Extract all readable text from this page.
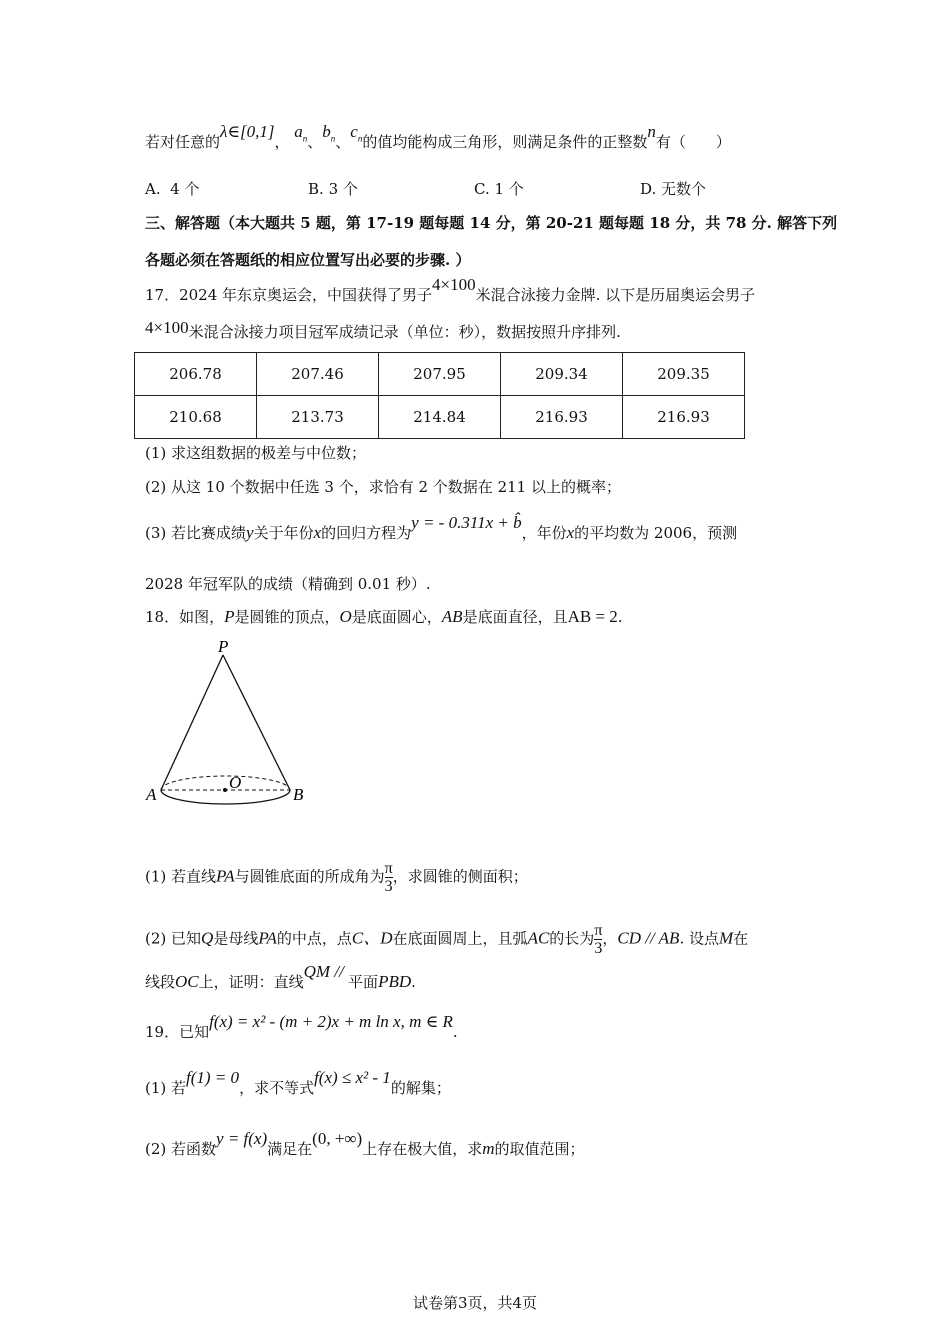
若对任意的λ∈[0,1]， $a_n$、$b_n$、$c_n$的值均能构成三角形，则满足条件的正整数n有（　　）
A. 4 个	B. 3 个	C. 1 个	D. 无数个
三、解答题（本大题共 5 题，第 17-19 题每题 14 分，第 20-21 题每题 18 分，共 78 分. 解答下列
各题必须在答题纸的相应位置写出必要的步骤. ）
17．2024 年东京奥运会，中国获得了男子4×100米混合泳接力金牌. 以下是历届奥运会男子
4×100米混合泳接力项目冠军成绩记录（单位：秒），数据按照升序排列.
206.78	207.46	207.95	209.34	209.35
210.68	213.73	214.84	216.93	216.93
(1) 求这组数据的极差与中位数；
(2) 从这 10 个数据中任选 3 个，求恰有 2 个数据在 211 以上的概率；
(3) 若比赛成绩y关于年份x的回归方程为y = - 0.311x + b̂，年份x的平均数为 2006，预测
2028 年冠军队的成绩（精确到 0.01 秒）.
18．如图，P是圆锥的顶点，O是底面圆心，AB是底面直径，且AB = 2.
P
O
A	B
(1) 若直线PA与圆锥底面的所成角为 $\frac{\pi}{3}$ ，求圆锥的侧面积；
(2) 已知Q是母线PA的中点，点C、D在底面圆周上，且弧AC的长为 $\frac{\pi}{3}$ ，CD // AB. 设点M在
线段OC上，证明：直线QM // 平面PBD.
19．已知f(x) = x² - (m + 2)x + m ln x, m ∈ R.
(1) 若f(1) = 0，求不等式f(x) ≤ x² - 1的解集；
(2) 若函数y = f(x)满足在(0, +∞)上存在极大值，求m的取值范围；
试卷第3页，共4页
